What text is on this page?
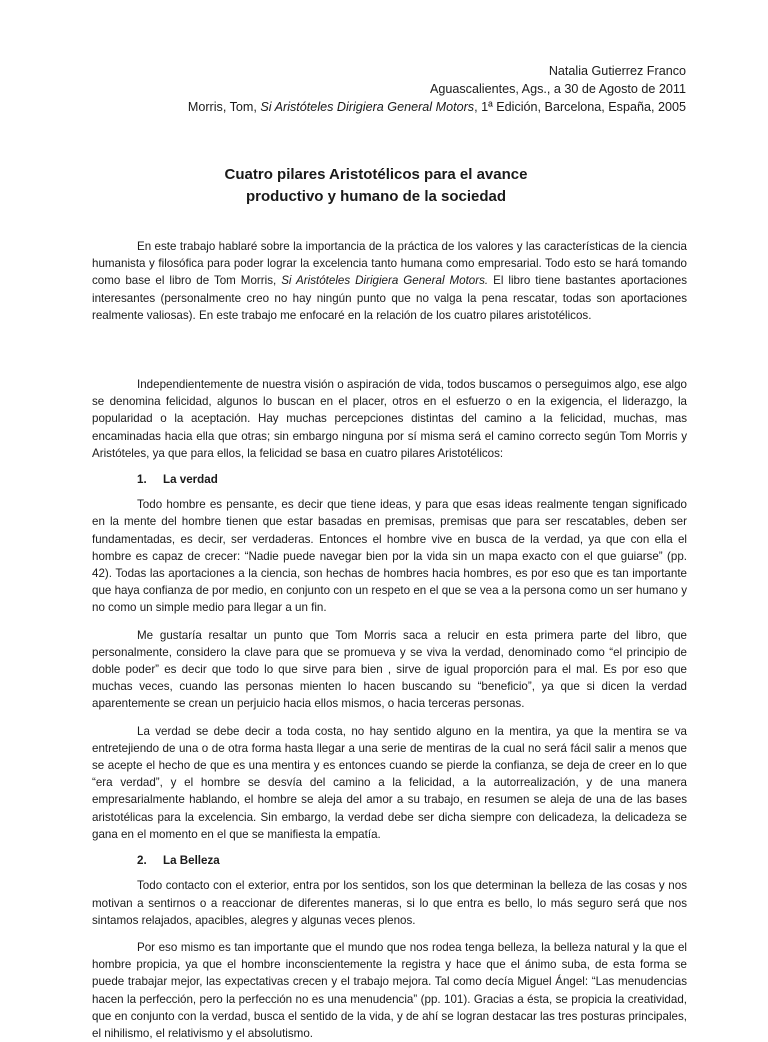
Natalia Gutierrez Franco
Aguascalientes, Ags., a 30 de Agosto de 2011
Morris, Tom, Si Aristóteles Dirigiera General Motors, 1ª Edición, Barcelona, España, 2005
Cuatro pilares Aristotélicos para el avance
productivo y humano de la sociedad

En este trabajo hablaré sobre la importancia de la práctica de los valores y las características de la ciencia humanista y filosófica para poder lograr la excelencia tanto humana como empresarial. Todo esto se hará tomando como base el libro de Tom Morris, Si Aristóteles Dirigiera General Motors. El libro tiene bastantes aportaciones interesantes (personalmente creo no hay ningún punto que no valga la pena rescatar, todas son aportaciones realmente valiosas). En este trabajo me enfocaré en la relación de los cuatro pilares aristotélicos.

Independientemente de nuestra visión o aspiración de vida, todos buscamos o perseguimos algo, ese algo se denomina felicidad, algunos lo buscan en el placer, otros en el esfuerzo o en la exigencia, el liderazgo, la popularidad o la aceptación. Hay muchas percepciones distintas del camino a la felicidad, muchas, mas encaminadas hacia ella que otras; sin embargo ninguna por sí misma será el camino correcto según Tom Morris y Aristóteles, ya que para ellos, la felicidad se basa en cuatro pilares Aristotélicos:

1.	La verdad

Todo hombre es pensante, es decir que tiene ideas, y para que esas ideas realmente tengan significado en la mente del hombre tienen que estar basadas en premisas, premisas que para ser rescatables, deben ser fundamentadas, es decir, ser verdaderas. Entonces el hombre vive en busca de la verdad, ya que con ella el hombre es capaz de crecer: “Nadie puede navegar bien por la vida sin un mapa exacto con el que guiarse” (pp. 42). Todas las aportaciones a la ciencia, son hechas de hombres hacia hombres, es por eso que es tan importante que haya confianza de por medio, en conjunto con un respeto en el que se vea a la persona como un ser humano y no como un simple medio para llegar a un fin.

Me gustaría resaltar un punto que Tom Morris saca a relucir en esta primera parte del libro, que personalmente, considero la clave para que se promueva y se viva la verdad, denominado como “el principio de doble poder” es decir que todo lo que sirve para bien , sirve de igual proporción para el mal. Es por eso que muchas veces, cuando las personas mienten lo hacen buscando su “beneficio”, ya que si dicen la verdad aparentemente se crean un perjuicio hacia ellos mismos, o hacia terceras personas.

La verdad se debe decir a toda costa, no hay sentido alguno en la mentira, ya que la mentira se va entretejiendo de una o de otra forma hasta llegar a una serie de mentiras de la cual no será fácil salir a menos que se acepte el hecho de que es una mentira y es entonces cuando se pierde la confianza, se deja de creer en lo que “era verdad”, y el hombre se desvía del camino a la felicidad, a la autorrealización, y de una manera empresarialmente hablando, el hombre se aleja del amor a su trabajo, en resumen se aleja de una de las bases aristotélicas para la excelencia. Sin embargo, la verdad debe ser dicha siempre con delicadeza, la delicadeza se gana en el momento en el que se manifiesta la empatía.

2.	La Belleza

Todo contacto con el exterior, entra por los sentidos, son los que determinan la belleza de las cosas y nos motivan a sentirnos o a reaccionar de diferentes maneras, si lo que entra es bello, lo más seguro será que nos sintamos relajados, apacibles, alegres y algunas veces plenos.

Por eso mismo es tan importante que el mundo que nos rodea tenga belleza, la belleza natural y la que el hombre propicia, ya que el hombre inconscientemente la registra y hace que el ánimo suba, de esta forma se puede trabajar mejor, las expectativas crecen y el trabajo mejora. Tal como decía Miguel Ángel: “Las menudencias hacen la perfección, pero la perfección no es una menudencia” (pp. 101). Gracias a ésta, se propicia la creatividad, que en conjunto con la verdad, busca el sentido de la vida, y de ahí se logran destacar las tres posturas principales, el nihilismo, el relativismo y el absolutismo.
